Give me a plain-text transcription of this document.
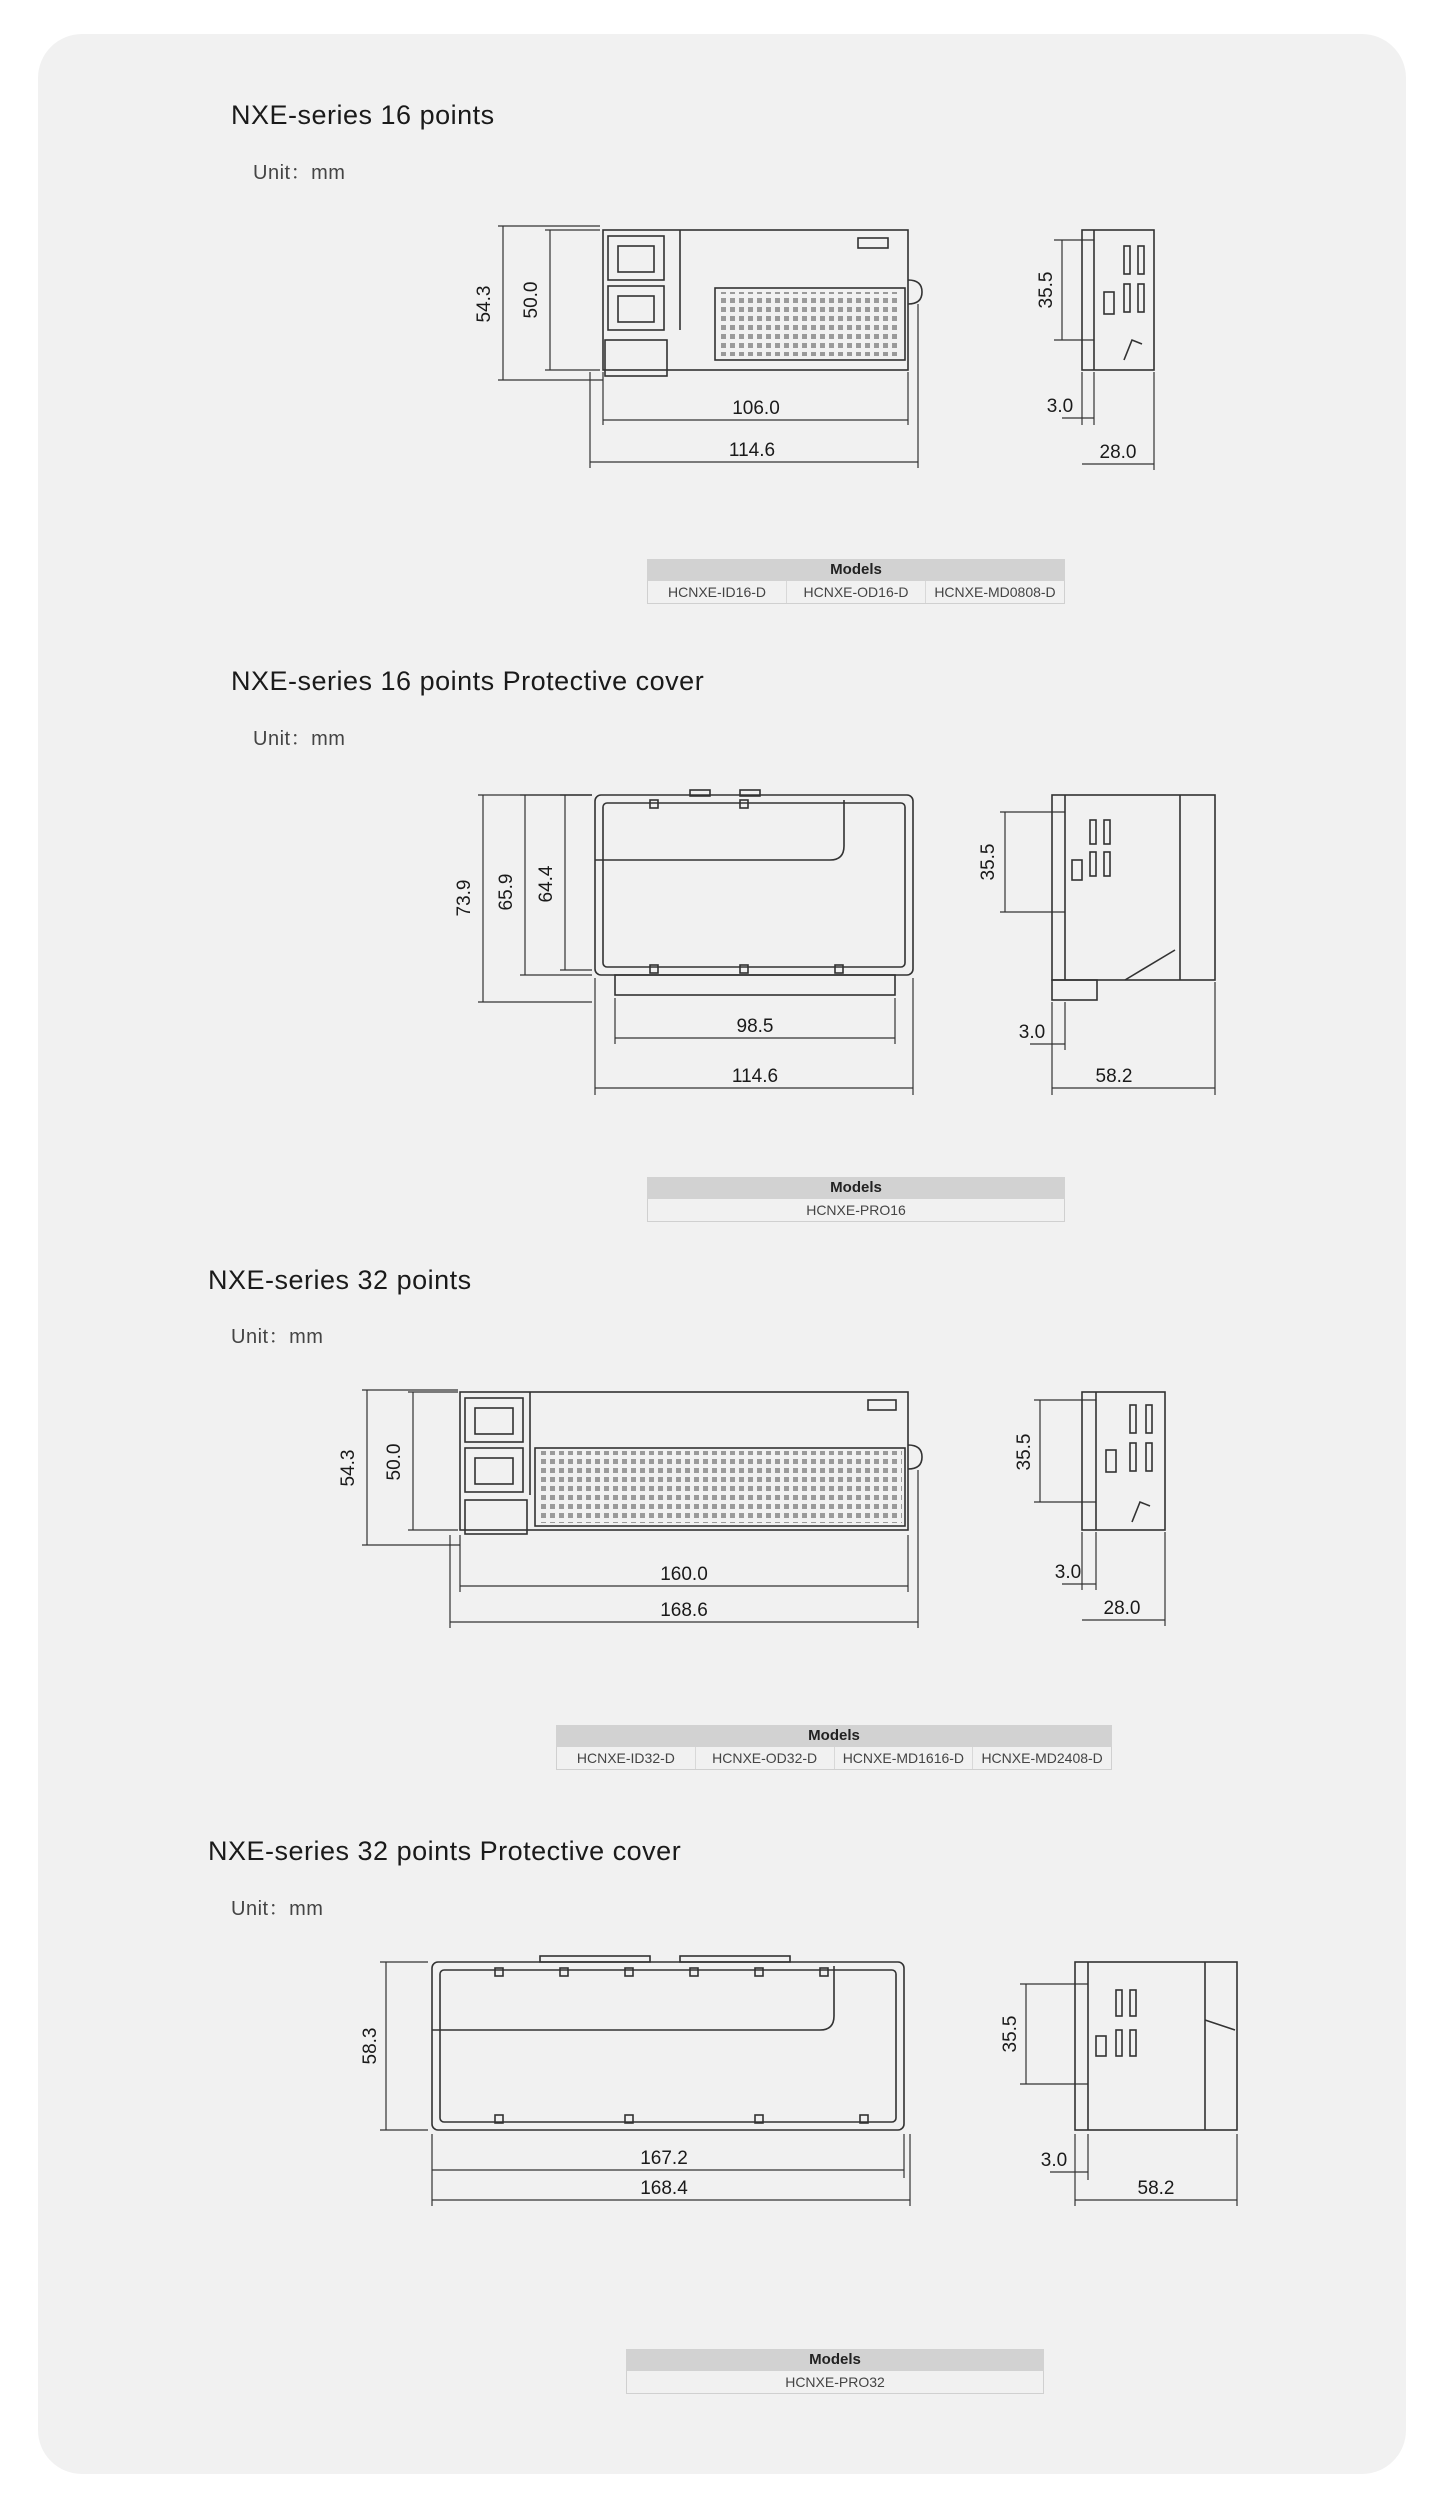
NXE-series 16 points
Unit：mm
54.3 50.0
106.0
114.6
35.5
3.0
28.0
Models
HCNXE-ID16-D	HCNXE-OD16-D	HCNXE-MD0808-D
NXE-series 16 points Protective cover
Unit：mm
73.9 65.9 64.4
98.5
114.6
35.5
3.0
58.2
Models
HCNXE-PRO16
NXE-series 32 points
Unit：mm
54.3 50.0
160.0
168.6
35.5
3.0
28.0
Models
HCNXE-ID32-D	HCNXE-OD32-D	HCNXE-MD1616-D	HCNXE-MD2408-D
NXE-series 32 points Protective cover
Unit：mm
58.3
167.2
168.4
35.5
3.0
58.2
Models
HCNXE-PRO32
